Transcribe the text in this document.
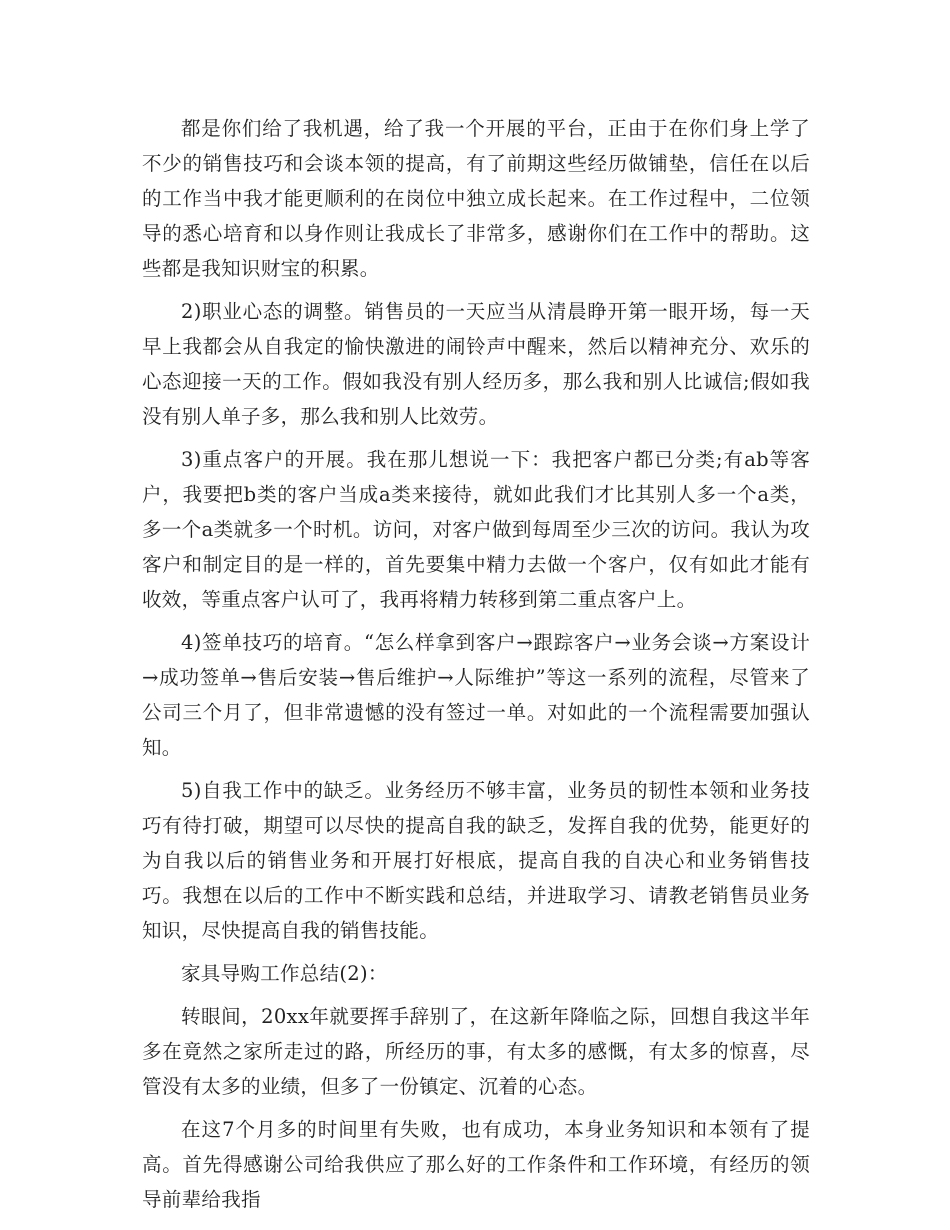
都是你们给了我机遇，给了我一个开展的平台，正由于在你们身上学了不少的销售技巧和会谈本领的提高，有了前期这些经历做铺垫，信任在以后的工作当中我才能更顺利的在岗位中独立成长起来。在工作过程中，二位领导的悉心培育和以身作则让我成长了非常多，感谢你们在工作中的帮助。这些都是我知识财宝的积累。

2)职业心态的调整。销售员的一天应当从清晨睁开第一眼开场，每一天早上我都会从自我定的愉快激进的闹铃声中醒来，然后以精神充分、欢乐的心态迎接一天的工作。假如我没有别人经历多，那么我和别人比诚信;假如我没有别人单子多，那么我和别人比效劳。

3)重点客户的开展。我在那儿想说一下：我把客户都已分类;有ab等客户，我要把b类的客户当成a类来接待，就如此我们才比其别人多一个a类，多一个a类就多一个时机。访问，对客户做到每周至少三次的访问。我认为攻客户和制定目的是一样的，首先要集中精力去做一个客户，仅有如此才能有收效，等重点客户认可了，我再将精力转移到第二重点客户上。

4)签单技巧的培育。“怎么样拿到客户→跟踪客户→业务会谈→方案设计→成功签单→售后安装→售后维护→人际维护”等这一系列的流程，尽管来了公司三个月了，但非常遗憾的没有签过一单。对如此的一个流程需要加强认知。

5)自我工作中的缺乏。业务经历不够丰富，业务员的韧性本领和业务技巧有待打破，期望可以尽快的提高自我的缺乏，发挥自我的优势，能更好的为自我以后的销售业务和开展打好根底，提高自我的自决心和业务销售技巧。我想在以后的工作中不断实践和总结，并进取学习、请教老销售员业务知识，尽快提高自我的销售技能。

家具导购工作总结(2)：

转眼间，20xx年就要挥手辞别了，在这新年降临之际，回想自我这半年多在竟然之家所走过的路，所经历的事，有太多的感慨，有太多的惊喜，尽管没有太多的业绩，但多了一份镇定、沉着的心态。

在这7个月多的时间里有失败，也有成功，本身业务知识和本领有了提高。首先得感谢公司给我供应了那么好的工作条件和工作环境，有经历的领导前辈给我指
